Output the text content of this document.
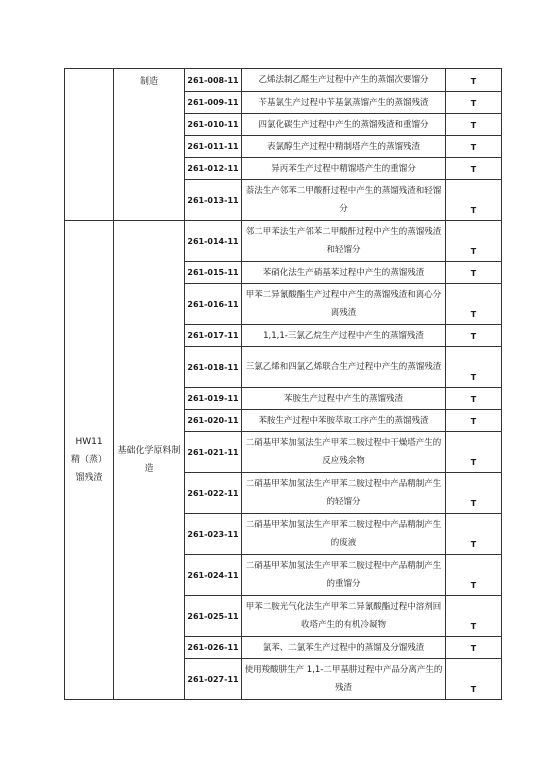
	制造	261-008-11	乙烯法制乙醛生产过程中产生的蒸馏次要馏分	T
		261-009-11	苄基氯生产过程中苄基氯蒸馏产生的蒸馏残渣	T
		261-010-11	四氯化碳生产过程中产生的蒸馏残渣和重馏分	T
		261-011-11	表氯醇生产过程中精制塔产生的蒸馏残渣	T
		261-012-11	异丙苯生产过程中精馏塔产生的重馏分	T
		261-013-11	萘法生产邻苯二甲酸酐过程中产生的蒸馏残渣和轻馏分	T

HW11
精（蒸）馏残渣	基础化学原料制造	261-014-11	邻二甲苯法生产邻苯二甲酸酐过程中产生的蒸馏残渣和轻馏分	T
		261-015-11	苯硝化法生产硝基苯过程中产生的蒸馏残渣	T
		261-016-11	甲苯二异氰酸酯生产过程中产生的蒸馏残渣和离心分离残渣	T
		261-017-11	1,1,1-三氯乙烷生产过程中产生的蒸馏残渣	T
		261-018-11	三氯乙烯和四氯乙烯联合生产过程中产生的蒸馏残渣	T
		261-019-11	苯胺生产过程中产生的蒸馏残渣	T
		261-020-11	苯胺生产过程中苯胺萃取工序产生的蒸馏残渣	T
		261-021-11	二硝基甲苯加氢法生产甲苯二胺过程中干燥塔产生的反应残余物	T
		261-022-11	二硝基甲苯加氢法生产甲苯二胺过程中产品精制产生的轻馏分	T
		261-023-11	二硝基甲苯加氢法生产甲苯二胺过程中产品精制产生的废液	T
		261-024-11	二硝基甲苯加氢法生产甲苯二胺过程中产品精制产生的重馏分	T
		261-025-11	甲苯二胺光气化法生产甲苯二异氰酸酯过程中溶剂回收塔产生的有机冷凝物	T
		261-026-11	氯苯、二氯苯生产过程中的蒸馏及分馏残渣	T
		261-027-11	使用羧酸肼生产 1,1-二甲基肼过程中产品分离产生的残渣	T
